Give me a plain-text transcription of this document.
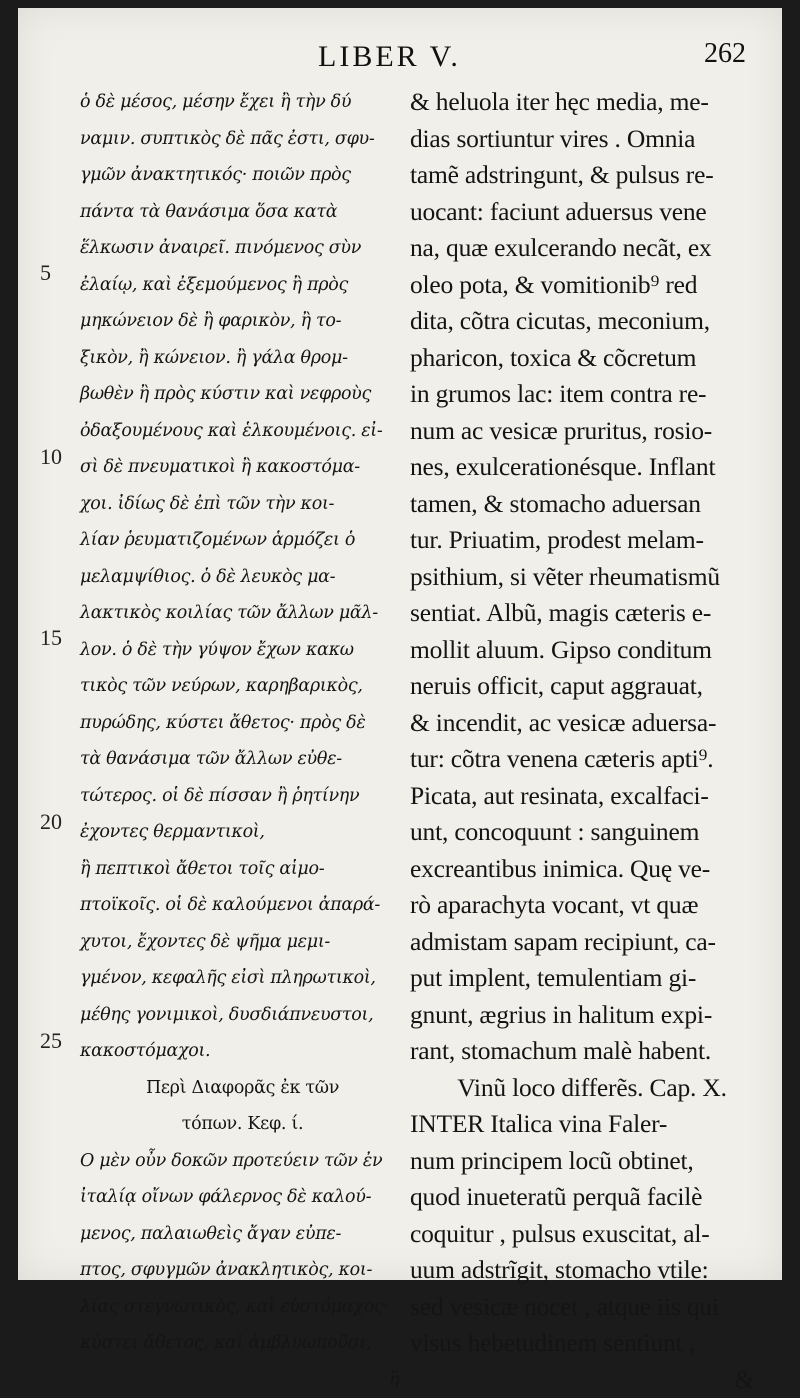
LIBER V.	262
5
10
15
20
25
ὁ δὲ μέσος, μέσην ἔχει ἢ τὴν δύ
ναμιν. συπτικὸς δὲ πᾶς ἐστι, σφυ-
γμῶν ἀνακτητικός· ποιῶν πρὸς
πάντα τὰ θανάσιμα ὅσα κατὰ
ἕλκωσιν ἀναιρεῖ. πινόμενος σὺν
ἐλαίῳ, καὶ ἐξεμούμενος ἢ πρὸς
μηκώνειον δὲ ἢ φαρικὸν, ἢ το-
ξικὸν, ἢ κώνειον. ἢ γάλα θρομ-
βωθὲν ἢ πρὸς κύστιν καὶ νεφροὺς
ὀδαξουμένους καὶ ἑλκουμένοις. εἰ-
σὶ δὲ πνευματικοὶ ἢ κακοστόμα-
χοι. ἰδίως δὲ ἐπὶ τῶν τὴν κοι-
λίαν ῥευματιζομένων ἁρμόζει ὁ
μελαμψίθιος. ὁ δὲ λευκὸς μα-
λακτικὸς κοιλίας τῶν ἄλλων μᾶλ-
λον. ὁ δὲ τὴν γύψον ἔχων κακω
τικὸς τῶν νεύρων, καρηβαρικὸς,
πυρώδης, κύστει ἄθετος· πρὸς δὲ
τὰ θανάσιμα τῶν ἄλλων εὐθε-
τώτερος. οἱ δὲ πίσσαν ἢ ῥητίνην
ἐχοντες θερμαντικοὶ,
ἢ πεπτικοὶ ἄθετοι τοῖς αἱμο-
πτοϊκοῖς. οἱ δὲ καλούμενοι ἀπαρά-
χυτοι, ἔχοντες δὲ ψῆμα μεμι-
γμένον, κεφαλῆς εἰσὶ πληρωτικοὶ,
μέθης γονιμικοὶ, δυσδιάπνευστοι,
κακοστόμαχοι.
Περὶ Διαφορᾶς ἐκ τῶν
τόπων. Κεφ. ί.
Ο μὲν οὖν δοκῶν προτεύειν τῶν ἐν
ἰταλίᾳ οἴνων φάλερνος δὲ καλού-
μενος, παλαιωθεὶς ἄγαν εὐπε-
πτος, σφυγμῶν ἀνακλητικὸς, κοι-
λίας στεγνωτικὸς, καὶ εὐστόμαχος·
κύστει ἄθετος, καὶ ἀμβλυωποῦσι,
ἢ
& heluola iter hęc media, me-
dias sortiuntur vires . Omnia
tamẽ adstringunt, & pulsus re-
uocant: faciunt aduersus vene
na, quæ exulcerando necãt, ex
oleo pota, & vomitionib⁹ red
dita, cõtra cicutas, meconium,
pharicon, toxica & cõcretum
in grumos lac: item contra re-
num ac vesicæ pruritus, rosio-
nes, exulcerationésque. Inflant
tamen, & stomacho aduersan
tur. Priuatim, prodest melam-
psithium, si vẽter rheumatismũ
sentiat. Albũ, magis cæteris e-
mollit aluum. Gipso conditum
neruis officit, caput aggrauat,
& incendit, ac vesicæ aduersa-
tur: cõtra venena cæteris apti⁹.
Picata, aut resinata, excalfaci-
unt, concoquunt : sanguinem
excreantibus inimica. Quę ve-
rò aparachyta vocant, vt quæ
admistam sapam recipiunt, ca-
put implent, temulentiam gi-
gnunt, ægrius in halitum expi-
rant, stomachum malè habent.
Vinũ loco differẽs. Cap. X.
INTER Italica vina Faler-
num principem locũ obtinet,
quod inueteratũ perquã facilè
coquitur , pulsus exuscitat, al-
uum adstrĩgit, stomacho vtile:
sed vesicæ nocet , atque iis qui
visus hebetudinem sentiunt ,
&
